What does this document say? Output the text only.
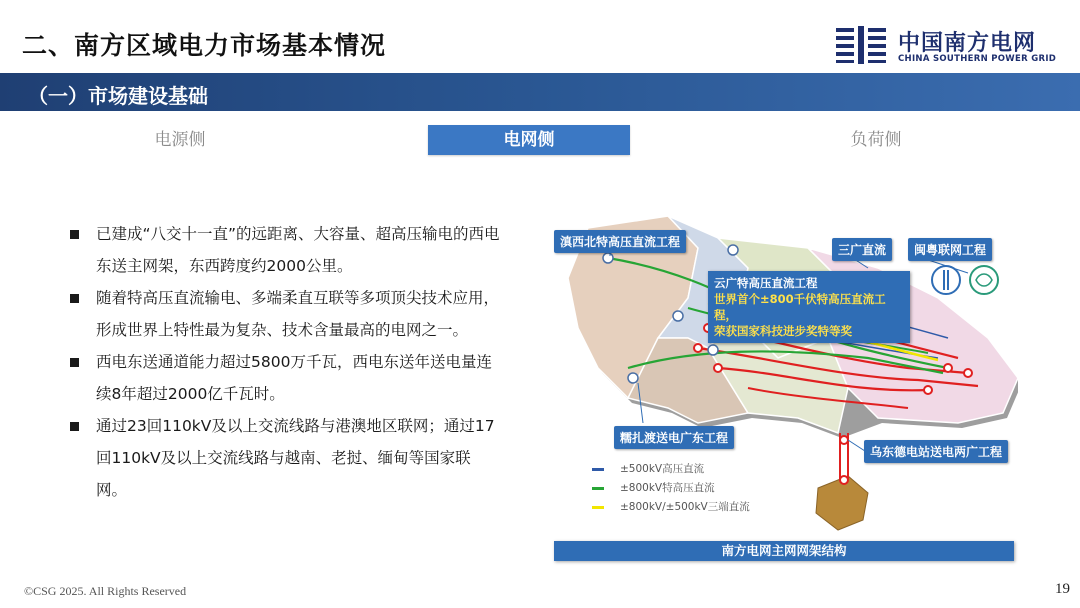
二、南方区域电力市场基本情况	中国南方电网
CHINA SOUTHERN POWER GRID
（一）市场建设基础
电源侧	电网侧	负荷侧
已建成“八交十一直”的远距离、大容量、超高压输电的西电东送主网架，东西跨度约2000公里。
随着特高压直流输电、多端柔直互联等多项顶尖技术应用，形成世界上特性最为复杂、技术含量最高的电网之一。
西电东送通道能力超过5800万千瓦，西电东送年送电量连续8年超过2000亿千瓦时。
通过23回110kV及以上交流线路与港澳地区联网；通过17回110kV及以上交流线路与越南、老挝、缅甸等国家联网。
滇西北特高压直流工程
三广直流	闽粤联网工程
糯扎渡送电广东工程
乌东德电站送电两广工程
云广特高压直流工程
世界首个±800千伏特高压直流工程，
荣获国家科技进步奖特等奖
±500kV高压直流
±800kV特高压直流
±800kV/±500kV三端直流
南方电网主网网架结构
©CSG 2025. All Rights Reserved	19
